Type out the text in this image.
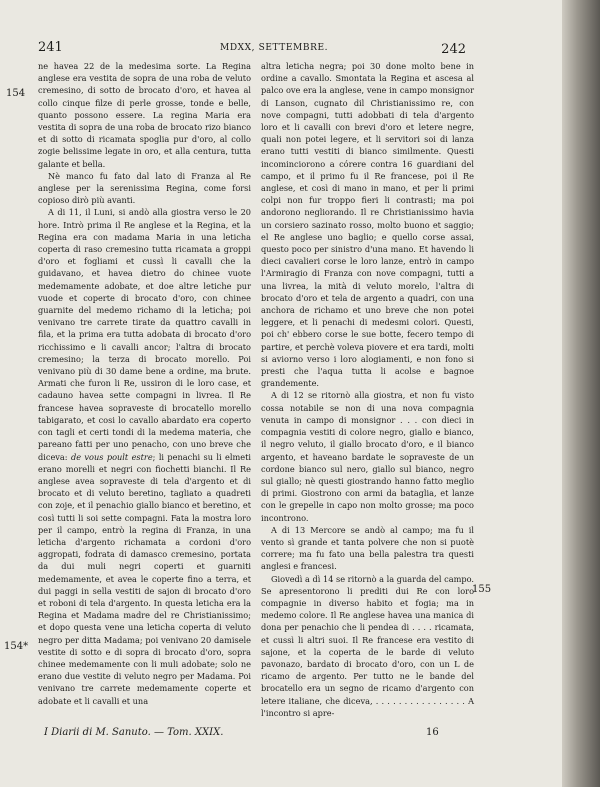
241	MDXX, SETTEMBRE.	242
154
154*
155

ne havea 22 de la medesima sorte. La Regina anglese era vestita de sopra de una roba de veluto cremesino, di sotto de brocato d'oro, et havea al collo cinque filze di perle grosse, tonde e belle, quanto possono essere. La regina Maria era vestita di sopra de una roba de brocato rizo bianco et di sotto di ricamata spoglia pur d'oro, al collo zogie belissime legate in oro, et alla centura, tutta galante et bella.

Nè manco fu fato dal lato di Franza al Re anglese per la serenissima Regina, come forsi copioso dirò più avanti.

A di 11, il Luni, si andò alla giostra verso le 20 hore. Intrò prima il Re anglese et la Regina, et la Regina era con madama Maria in una leticha coperta di raso cremesino tutta ricamata a groppi d'oro et fogliami et cussì li cavalli che la guidavano, et havea dietro do chinee vuote medemamente adobate, et doe altre letiche pur vuode et coperte di brocato d'oro, con chinee guarnite del medemo richamo di la leticha; poi venivano tre carrete tirate da quattro cavalli in fila, et la prima era tutta adobata di brocato d'oro ricchissimo e li cavalli ancor; l'altra di brocato cremesino; la terza di brocato morello. Poi venivano più di 30 dame bene a ordine, ma brute. Armati che furon li Re, ussiron di le loro case, et cadauno havea sette compagni in livrea. Il Re francese havea sopraveste di brocatello morello tabigarato, et cosi lo cavallo abardato era coperto con tagli et certi tondi di la medema materia, che pareano fatti per uno penacho, con uno breve che diceva: de vous poult estre; li penachi su li elmeti erano morelli et negri con fiochetti bianchi. Il Re anglese avea sopraveste di tela d'argento et di brocato et di veluto beretino, tagliato a quadreti con zoje, et il penachio giallo bianco et beretino, et così tutti li soi sette compagni. Fata la mostra loro per il campo, entrò la regina di Franza, in una leticha d'argento richamata a cordoni d'oro aggropati, fodrata di damasco cremesino, portata da dui muli negri coperti et guarniti medemamente, et avea le coperte fino a terra, et dui paggi in sella vestiti de sajon di brocato d'oro et roboni di tela d'argento. In questa leticha era la Regina et Madama madre del re Christianissimo; et dopo questa vene una leticha coperta di veluto negro per ditta Madama; poi venivano 20 damisele vestite di sotto e di sopra di brocato d'oro, sopra chinee medemamente con li muli adobate; solo ne erano due vestite di veluto negro per Madama. Poi venivano tre carrete medemamente coperte et adobate et li cavalli et una

altra leticha negra; poi 30 done molto bene in ordine a cavallo. Smontata la Regina et ascesa al palco ove era la anglese, vene in campo monsignor di Lanson, cugnato dil Christianissimo re, con nove compagni, tutti adobbati di tela d'argento loro et li cavalli con brevi d'oro et letere negre, quali non potei legere, et li servitori soi di lanza erano tutti vestiti di bianco similmente. Questi incominciorono a córere contra 16 guardiani del campo, et il primo fu il Re francese, poi il Re anglese, et così di mano in mano, et per li primi colpi non fur troppo fieri li contrasti; ma poi andorono negliorando. Il re Christianissimo havia un corsiero sazinato rosso, molto buono et saggio; el Re anglese uno baglio; e quello corse assai, questo poco per sinistro d'una mano. Et havendo li dieci cavalieri corse le loro lanze, entrò in campo l'Armiragio di Franza con nove compagni, tutti a una livrea, la mità di veluto morelo, l'altra di brocato d'oro et tela de argento a quadri, con una anchora de richamo et uno breve che non potei leggere, et li penachi di medesmi colori. Questi, poi ch' ebbero corse le sue botte, fecero tempo di partire, et perchè voleva piovere et era tardi, molti si aviorno verso i loro alogiamenti, e non fono si presti che l'aqua tutta li acolse e bagnoe grandemente.

A di 12 se ritornò alla giostra, et non fu visto cossa notabile se non di una nova compagnia venuta in campo di monsignor . . . con dieci in compagnia vestiti di colore negro, giallo e bianco, il negro veluto, il giallo brocato d'oro, e il bianco argento, et haveano bardate le sopraveste de un cordone bianco sul nero, giallo sul bianco, negro sul giallo; nè questi giostrando hanno fatto meglio di primi. Giostrono con armi da bataglia, et lanze con le grepelle in capo non molto grosse; ma poco incontrono.

A di 13 Mercore se andò al campo; ma fu il vento sì grande et tanta polvere che non si puotè correre; ma fu fato una bella palestra tra questi anglesi e francesi.

Giovedì a dì 14 se ritornò a la guarda del campo. Se apresentorono li prediti dui Re con loro compagnie in diverso habito et fogia; ma in medemo colore. Il Re anglese havea una manica di dona per penachio che li pendea di . . . . ricamata, et cussì li altri suoi. Il Re francese era vestito di sajone, et la coperta de le barde di veluto pavonazo, bardato di brocato d'oro, con un L de ricamo de argento. Per tutto ne le bande del brocatello era un segno de ricamo d'argento con letere italiane, che diceva, . . . . . . . . . . . . . . . . A l'incontro si apre-

I Diarii di M. Sanuto. — Tom. XXIX.	16
